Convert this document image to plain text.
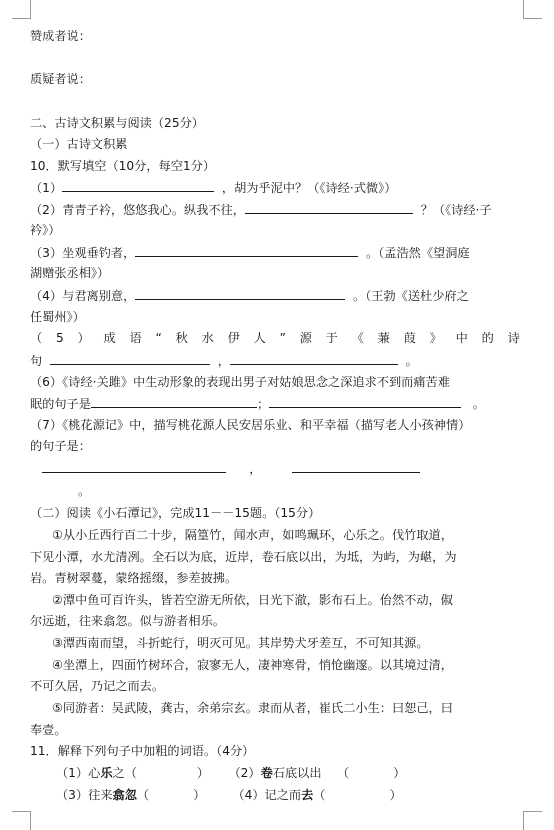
赞成者说：
质疑者说：
二、古诗文积累与阅读（25分）
（一）古诗文积累
10．默写填空（10分，每空1分）
（1）	，胡为乎泥中？（《诗经·式微》）
（2）青青子衿，悠悠我心。纵我不往，	？（《诗经·子
衿》）
（3）坐观垂钓者，	。（孟浩然《望洞庭
湖赠张丞相》）
（4）与君离别意，	。（王勃《送杜少府之
任蜀州》）
（ 5 ） 成 语 “ 秋 水 伊 人 ” 源 于 《 蒹 葭 》 中 的 诗
句	，	。
（6）《诗经·关雎》中生动形象的表现出男子对姑娘思念之深追求不到而痛苦难
眠的句子是	；	。
（7）《桃花源记》中，描写桃花源人民安居乐业、和平幸福（描写老人小孩神情）
的句子是：
，
。
（二）阅读《小石潭记》，完成11－－15题。（15分）
①从小丘西行百二十步，隔篁竹，闻水声，如鸣珮环，心乐之。伐竹取道，
下见小潭，水尤清冽。全石以为底，近岸，卷石底以出，为坻，为屿，为嵁，为
岩。青树翠蔓，蒙络摇缀，参差披拂。
②潭中鱼可百许头，皆若空游无所依，日光下澈，影布石上。佁然不动，俶
尔远逝，往来翕忽。似与游者相乐。
③潭西南而望，斗折蛇行，明灭可见。其岸势犬牙差互，不可知其源。
④坐潭上，四面竹树环合，寂寥无人，凄神寒骨，悄怆幽邃。以其境过清，
不可久居，乃记之而去。
⑤同游者：吴武陵，龚古，余弟宗玄。隶而从者，崔氏二小生：曰恕己，曰
奉壹。
11．解释下列句子中加粗的词语。（4分）
（1）心乐之（	） （2）卷石底以出 （	）
（3）往来翕忽（	） （4）记之而去（	）
